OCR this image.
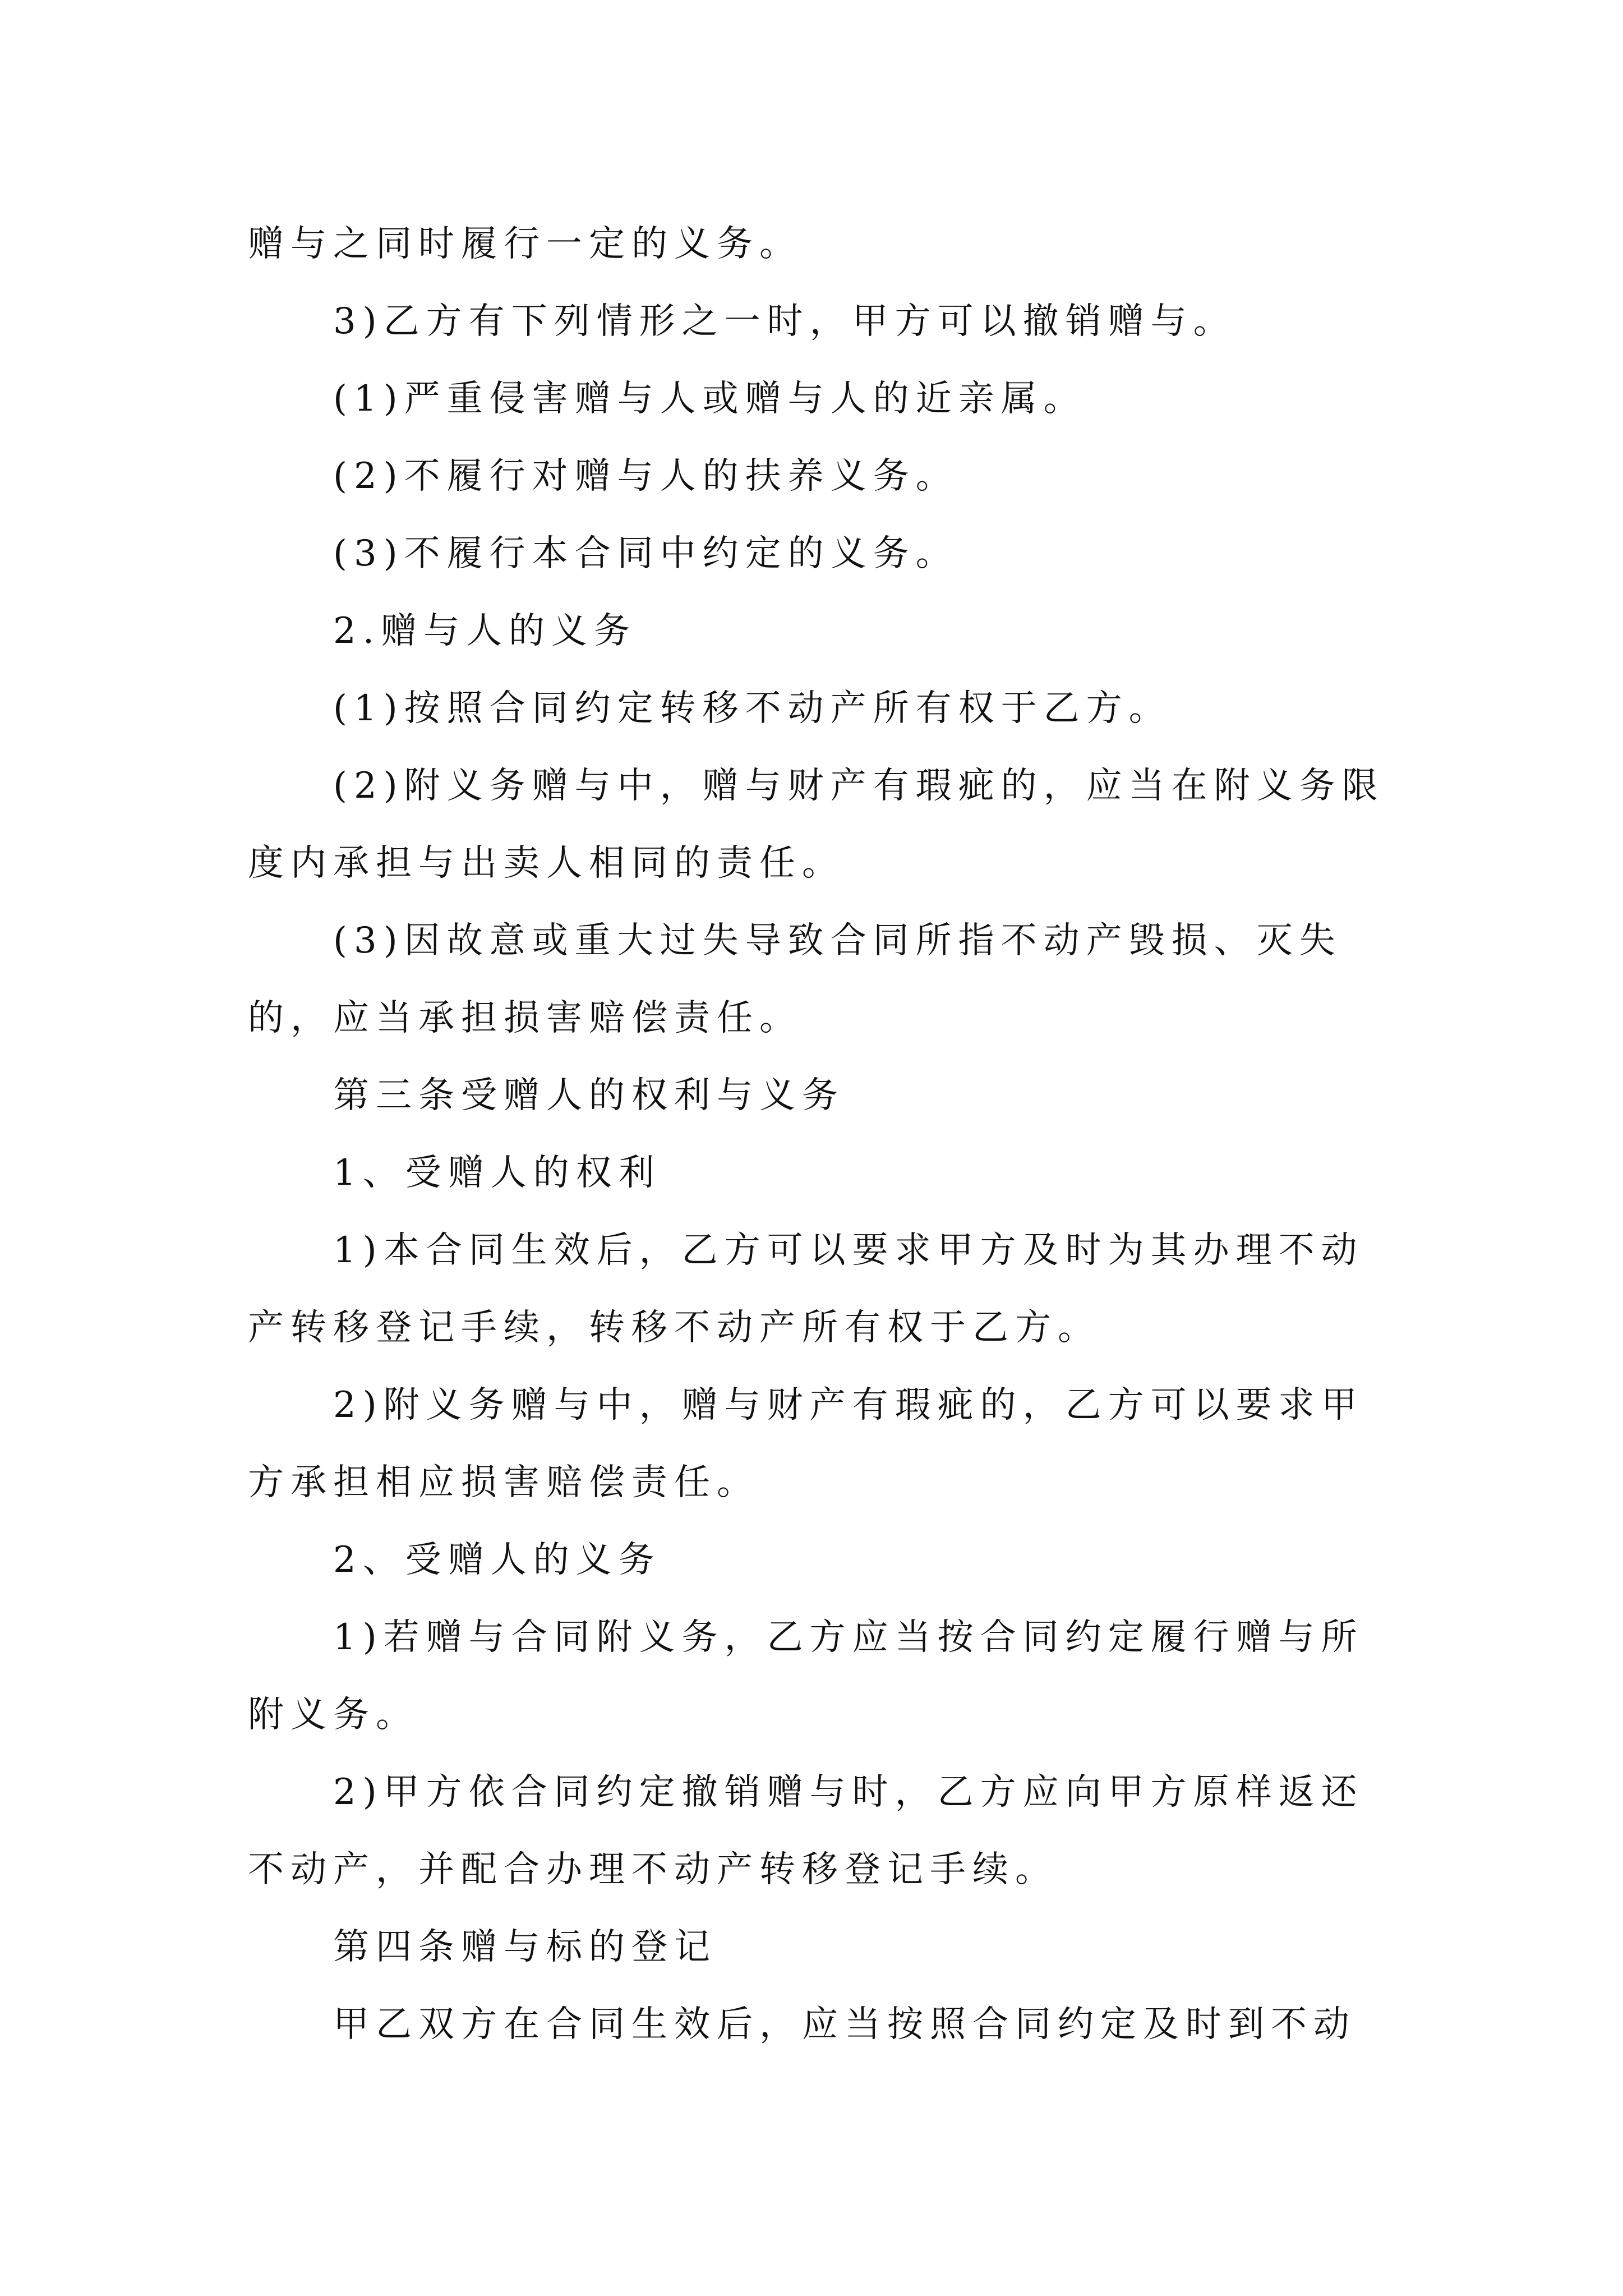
赠与之同时履行一定的义务。

3)乙方有下列情形之一时，甲方可以撤销赠与。

(1)严重侵害赠与人或赠与人的近亲属。

(2)不履行对赠与人的扶养义务。

(3)不履行本合同中约定的义务。

2.赠与人的义务

(1)按照合同约定转移不动产所有权于乙方。

(2)附义务赠与中，赠与财产有瑕疵的，应当在附义务限度内承担与出卖人相同的责任。

(3)因故意或重大过失导致合同所指不动产毁损、灭失的，应当承担损害赔偿责任。

第三条受赠人的权利与义务

1、受赠人的权利

1)本合同生效后，乙方可以要求甲方及时为其办理不动产转移登记手续，转移不动产所有权于乙方。

2)附义务赠与中，赠与财产有瑕疵的，乙方可以要求甲方承担相应损害赔偿责任。

2、受赠人的义务

1)若赠与合同附义务，乙方应当按合同约定履行赠与所附义务。

2)甲方依合同约定撤销赠与时，乙方应向甲方原样返还不动产，并配合办理不动产转移登记手续。

第四条赠与标的登记

甲乙双方在合同生效后，应当按照合同约定及时到不动
